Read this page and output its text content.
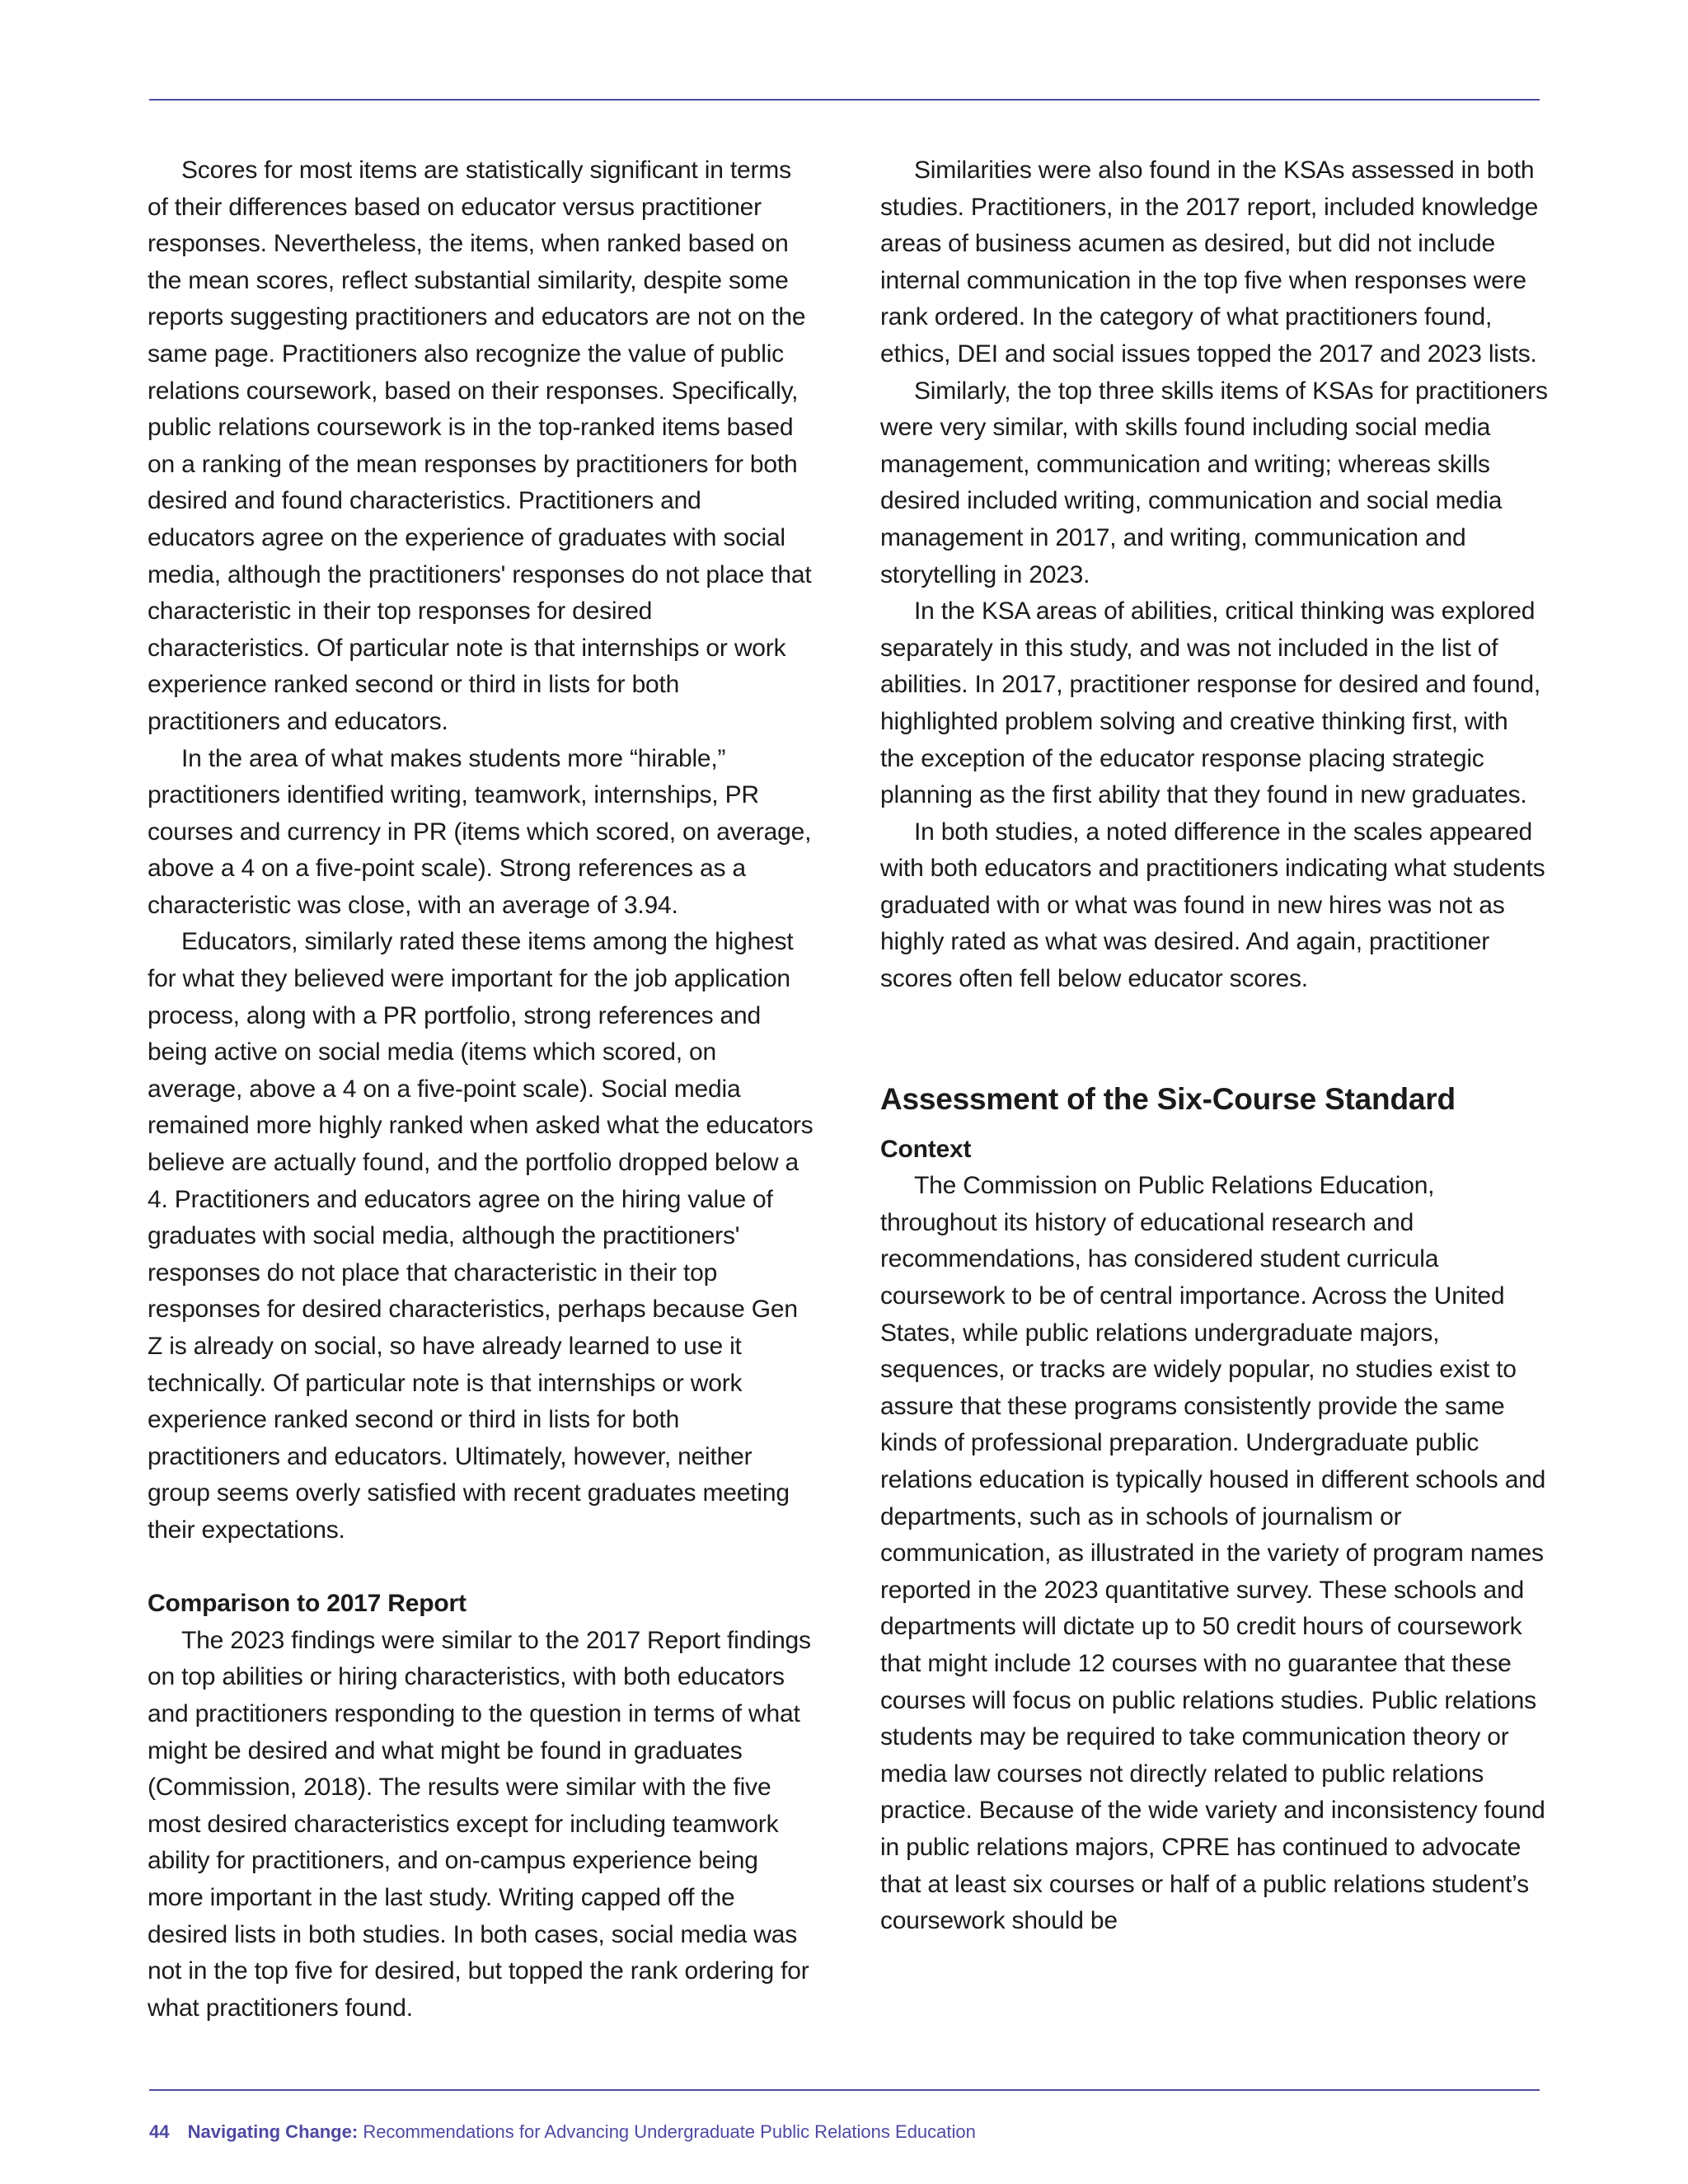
Scores for most items are statistically significant in terms of their differences based on educator versus practitioner responses. Nevertheless, the items, when ranked based on the mean scores, reflect substantial similarity, despite some reports suggesting practitioners and educators are not on the same page. Practitioners also recognize the value of public relations coursework, based on their responses. Specifically, public relations coursework is in the top-ranked items based on a ranking of the mean responses by practitioners for both desired and found characteristics. Practitioners and educators agree on the experience of graduates with social media, although the practitioners' responses do not place that characteristic in their top responses for desired characteristics. Of particular note is that internships or work experience ranked second or third in lists for both practitioners and educators.

In the area of what makes students more “hirable,” practitioners identified writing, teamwork, internships, PR courses and currency in PR (items which scored, on average, above a 4 on a five-point scale). Strong references as a characteristic was close, with an average of 3.94.

Educators, similarly rated these items among the highest for what they believed were important for the job application process, along with a PR portfolio, strong references and being active on social media (items which scored, on average, above a 4 on a five-point scale). Social media remained more highly ranked when asked what the educators believe are actually found, and the portfolio dropped below a 4. Practitioners and educators agree on the hiring value of graduates with social media, although the practitioners' responses do not place that characteristic in their top responses for desired characteristics, perhaps because Gen Z is already on social, so have already learned to use it technically. Of particular note is that internships or work experience ranked second or third in lists for both practitioners and educators. Ultimately, however, neither group seems overly satisfied with recent graduates meeting their expectations.

Comparison to 2017 Report

The 2023 findings were similar to the 2017 Report findings on top abilities or hiring characteristics, with both educators and practitioners responding to the question in terms of what might be desired and what might be found in graduates (Commission, 2018). The results were similar with the five most desired characteristics except for including teamwork ability for practitioners, and on-campus experience being more important in the last study. Writing capped off the desired lists in both studies. In both cases, social media was not in the top five for desired, but topped the rank ordering for what practitioners found.

Similarities were also found in the KSAs assessed in both studies. Practitioners, in the 2017 report, included knowledge areas of business acumen as desired, but did not include internal communication in the top five when responses were rank ordered. In the category of what practitioners found, ethics, DEI and social issues topped the 2017 and 2023 lists.

Similarly, the top three skills items of KSAs for practitioners were very similar, with skills found including social media management, communication and writing; whereas skills desired included writing, communication and social media management in 2017, and writing, communication and storytelling in 2023.

In the KSA areas of abilities, critical thinking was explored separately in this study, and was not included in the list of abilities. In 2017, practitioner response for desired and found, highlighted problem solving and creative thinking first, with the exception of the educator response placing strategic planning as the first ability that they found in new graduates.

In both studies, a noted difference in the scales appeared with both educators and practitioners indicating what students graduated with or what was found in new hires was not as highly rated as what was desired. And again, practitioner scores often fell below educator scores.

Assessment of the Six-Course Standard
Context

The Commission on Public Relations Education, throughout its history of educational research and recommendations, has considered student curricula coursework to be of central importance. Across the United States, while public relations undergraduate majors, sequences, or tracks are widely popular, no studies exist to assure that these programs consistently provide the same kinds of professional preparation. Undergraduate public relations education is typically housed in different schools and departments, such as in schools of journalism or communication, as illustrated in the variety of program names reported in the 2023 quantitative survey. These schools and departments will dictate up to 50 credit hours of coursework that might include 12 courses with no guarantee that these courses will focus on public relations studies. Public relations students may be required to take communication theory or media law courses not directly related to public relations practice. Because of the wide variety and inconsistency found in public relations majors, CPRE has continued to advocate that at least six courses or half of a public relations student’s coursework should be

44 Navigating Change: Recommendations for Advancing Undergraduate Public Relations Education
